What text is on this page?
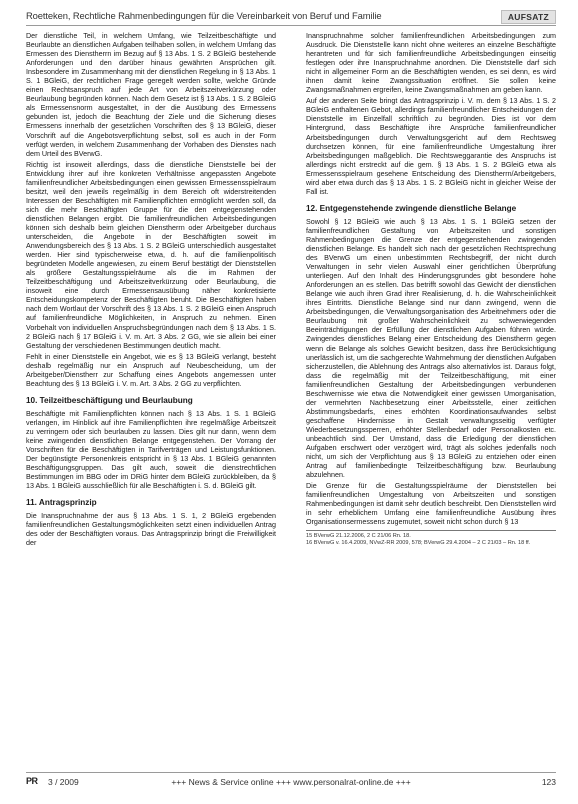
Roetteken, Rechtliche Rahmenbedingungen für die Vereinbarkeit von Beruf und Familie	AUFSATZ

Der dienstliche Teil, in welchem Umfang, wie Teilzeitbeschäftigte und Beurlaubte an dienstlichen Aufgaben teilhaben sollen, in welchem Umfang das Ermessen des Dienstherrn im Bezug auf § 13 Abs. 1 S. 2 BGleiG bestehende Anforderungen und den darüber hinaus gewährten Ansprüchen gilt. Insbesondere im Zusammenhang mit der dienstlichen Regelung in § 13 Abs. 1 S. 1 BGleiG, der rechtlichen Frage geregelt werden sollte, welche Gründe einen Rechtsanspruch auf jede Art von Arbeitszeitverkürzung oder Beurlaubung begründen können. Nach dem Gesetz ist § 13 Abs. 1 S. 2 BGleiG als Ermessensnorm ausgestaltet, in der die Ausübung des Ermessens gebunden ist, jedoch die Beachtung der Ziele und die Sicherung dieses Ermessens innerhalb der gesetzlichen Vorschriften des § 13 BGleiG, dieser Vorschrift auf die Angebotsverpflichtung selbst, soll es auch in der Form verfügt werden, in welchem Zusammenhang der Vorhaben des Dienstes nach dem Urteil des BVerwG.

Richtig ist insoweit allerdings, dass die dienstliche Dienststelle bei der Entwicklung ihrer auf ihre konkreten Verhältnisse angepassten Angebote familienfreundlicher Arbeitsbedingungen einen gewissen Ermessensspielraum besitzt, weil den jeweils regelmäßig in dem Bereich oft widerstreitenden Interessen der Beschäftigten mit Familienpflichten ermöglicht werden soll, da sich die mehr Beschäftigten Gruppe für die den entgegenstehenden dienstlichen Belangen ergibt. Die familienfreundlichen Arbeitsbedingungen können sich deshalb beim gleichen Dienstherrn oder Arbeitgeber durchaus unterscheiden, die Angebote in der Beschäftigten soweit im Anwendungsbereich des § 13 Abs. 1 S. 2 BGleiG unterschiedlich ausgestaltet werden. Hier sind typischerweise etwa, d. h. auf die familienpolitisch begründeten Modelle angewiesen, zu einem Beruf bestätigt der Dienststellen als größere Gestaltungsspielräume als die im Rahmen der Teilzeitbeschäftigung und Arbeitszeitverkürzung oder Beurlaubung, die insoweit eine durch Ermessensausübung näher konkretisierte Entscheidungskompetenz der Beschäftigten beruht. Die Beschäftigten haben nach dem Wortlaut der Vorschrift des § 13 Abs. 1 S. 2 BGleiG einen Anspruch auf familienfreundliche Möglichkeiten, in Anspruch zu nehmen. Einen Vorbehalt von individuellen Anspruchsbegründungen nach dem § 13 Abs. 1 S. 2 BGleiG nach § 17 BGleiG i. V. m. Art. 3 Abs. 2 GG, wie sie allein bei einer Gestaltung der verschiedenen Bestimmungen deutlich macht.

Fehlt in einer Dienststelle ein Angebot, wie es § 13 BGleiG verlangt, besteht deshalb regelmäßig nur ein Anspruch auf Neubescheidung, um der Arbeitgeber/Dienstherr zur Schaffung eines Angebots angemessen unter Beachtung des § 13 BGleiG i. V. m. Art. 3 Abs. 2 GG zu verpflichten.

10. Teilzeitbeschäftigung und Beurlaubung

Beschäftigte mit Familienpflichten können nach § 13 Abs. 1 S. 1 BGleiG verlangen, im Hinblick auf ihre Familienpflichten ihre regelmäßige Arbeitszeit zu verringern oder sich beurlauben zu lassen. Dies gilt nur dann, wenn dem keine zwingenden dienstlichen Belange entgegenstehen. Der Vorrang der Vorschriften für die Beschäftigten in Tarifverträgen und Leistungsfunktionen. Der begünstigte Personenkreis entspricht in § 13 Abs. 1 BGleiG genannten Beschäftigungsgruppen. Das gilt auch, soweit die dienstrechtlichen Bestimmungen im BBG oder im DRiG hinter dem BGleiG zurückbleiben, da § 13 Abs. 1 BGleiG ausschließlich für alle Beschäftigten i. S. d. BGleiG gilt.

11. Antragsprinzip

Die Inanspruchnahme der aus § 13 Abs. 1 S. 1, 2 BGleiG ergebenden familienfreundlichen Gestaltungsmöglichkeiten setzt einen individuellen Antrag des oder der Beschäftigten voraus. Das Antragsprinzip bringt die Freiwilligkeit der

Inanspruchnahme solcher familienfreundlichen Arbeitsbedingungen zum Ausdruck. Die Dienststelle kann nicht ohne weiteres an einzelne Beschäftigte herantreten und für sich familienfreundliche Arbeitsbedingungen einseitig festlegen oder ihre Inanspruchnahme anordnen. Die Dienststelle darf sich nicht in allgemeiner Form an die Beschäftigten wenden, es sei denn, es wird ihnen damit keine Zwangssituation eröffnet. Sie sollen keine Zwangsmaßnahmen ergreifen, keine Zwangsmaßnahmen am geben kann.

Auf der anderen Seite bringt das Antragsprinzip i. V. m. dem § 13 Abs. 1 S. 2 BGleiG enthaltenen Gebot, allerdings familienfreundlicher Entscheidungen der Dienststelle im Einzelfall schriftlich zu begründen. Dies ist vor dem Hintergrund, dass Beschäftigte ihre Ansprüche familienfreundlicher Arbeitsbedingungen durch Verwaltungsgericht auf dem Rechtsweg durchsetzen können, für eine familienfreundliche Umgestaltung ihrer Arbeitsbedingungen maßgeblich. Die Rechtsweggarantie des Anspruchs ist allerdings nicht erstreckt auf die gem. § 13 Abs. 1 S. 2 BGleiG etwa als Ermessensspielraum gesehene Entscheidung des Dienstherrn/Arbeitgebers, wird aber etwa durch das § 13 Abs. 1 S. 2 BGleiG nicht in gleicher Weise der Fall ist.

12. Entgegenstehende zwingende dienstliche Belange

Sowohl § 12 BGleiG wie auch § 13 Abs. 1 S. 1 BGleiG setzen der familienfreundlichen Gestaltung von Arbeitszeiten und sonstigen Rahmenbedingungen die Grenze der entgegenstehenden zwingenden dienstlichen Belange. Es handelt sich nach der gesetzlichen Rechtsprechung des BVerwG um einen unbestimmten Rechtsbegriff, der nicht durch Verwaltungen in sehr vielen Auswahl einer gerichtlichen Überprüfung unterliegen. Auf den Inhalt des Hinderungsgrundes gibt besondere hohe Anforderungen an es stellen. Das betrifft sowohl das Gewicht der dienstlichen Belange wie auch ihren Grad ihrer Realisierung, d. h. die Wahrscheinlichkeit ihres Eintritts. Dienstliche Belange sind nur dann zwingend, wenn die Arbeitsbedingungen, die Verwaltungsorganisation des Arbeitnehmers oder die Beurlaubung mit großer Wahrscheinlichkeit zu schwerwiegenden Beeinträchtigungen der Erfüllung der dienstlichen Aufgaben führen würde. Zwingendes dienstliches Belang einer Entscheidung des Dienstherrn gegen wenn die Belange als solches Gewicht besitzen, dass ihre Berücksichtigung unerlässlich ist, um die sachgerechte Wahrnehmung der dienstlichen Aufgaben sicherzustellen, die Ablehnung des Antrags also alternativlos ist. Daraus folgt, dass die regelmäßig mit der Teilzeitbeschäftigung, mit einer familienfreundlichen Gestaltung der Arbeitsbedingungen verbundenen Beschwernisse wie etwa die Notwendigkeit einer gewissen Umorganisation, der vermehrten Nachbesetzung einer Arbeitsstelle, einer zeitlichen Abstimmungsbedarfs, eines erhöhten Koordinationsaufwandes selbst geschaffene Hindernisse in Gestalt verwaltungsseitig verfügter Wiederbesetzungssperren, erhöhter Stellenbedarf oder Personalkosten etc. unbeachtlich sind. Der Umstand, dass die Erledigung der dienstlichen Aufgaben erschwert oder verzögert wird, trägt als solches jedenfalls noch nicht, um sich der Verpflichtung aus § 13 BGleiG zu entziehen oder einen Antrag auf familienbedingte Teilzeitbeschäftigung bzw. Beurlaubung abzulehnen.

Die Grenze für die Gestaltungsspielräume der Dienststellen bei familienfreundlichen Umgestaltung von Arbeitszeiten und sonstigen Rahmenbedingungen ist damit sehr deutlich beschreibt. Den Dienststellen wird in sehr erheblichem Umfang eine familienfreundliche Ausübung ihres Organisationsermessens zugemutet, soweit nicht schon durch § 13

15 BVerwG 21.12.2006, 2 C 21/06 Rn. 18.
16 BVerwG v. 16.4.2009, NVwZ-RR 2009, 578; BVerwG 29.4.2004 – 2 C 21/03 – Rn. 18 ff.
PR 3 / 2009	+++ News & Service online +++ www.personalrat-online.de +++	123
